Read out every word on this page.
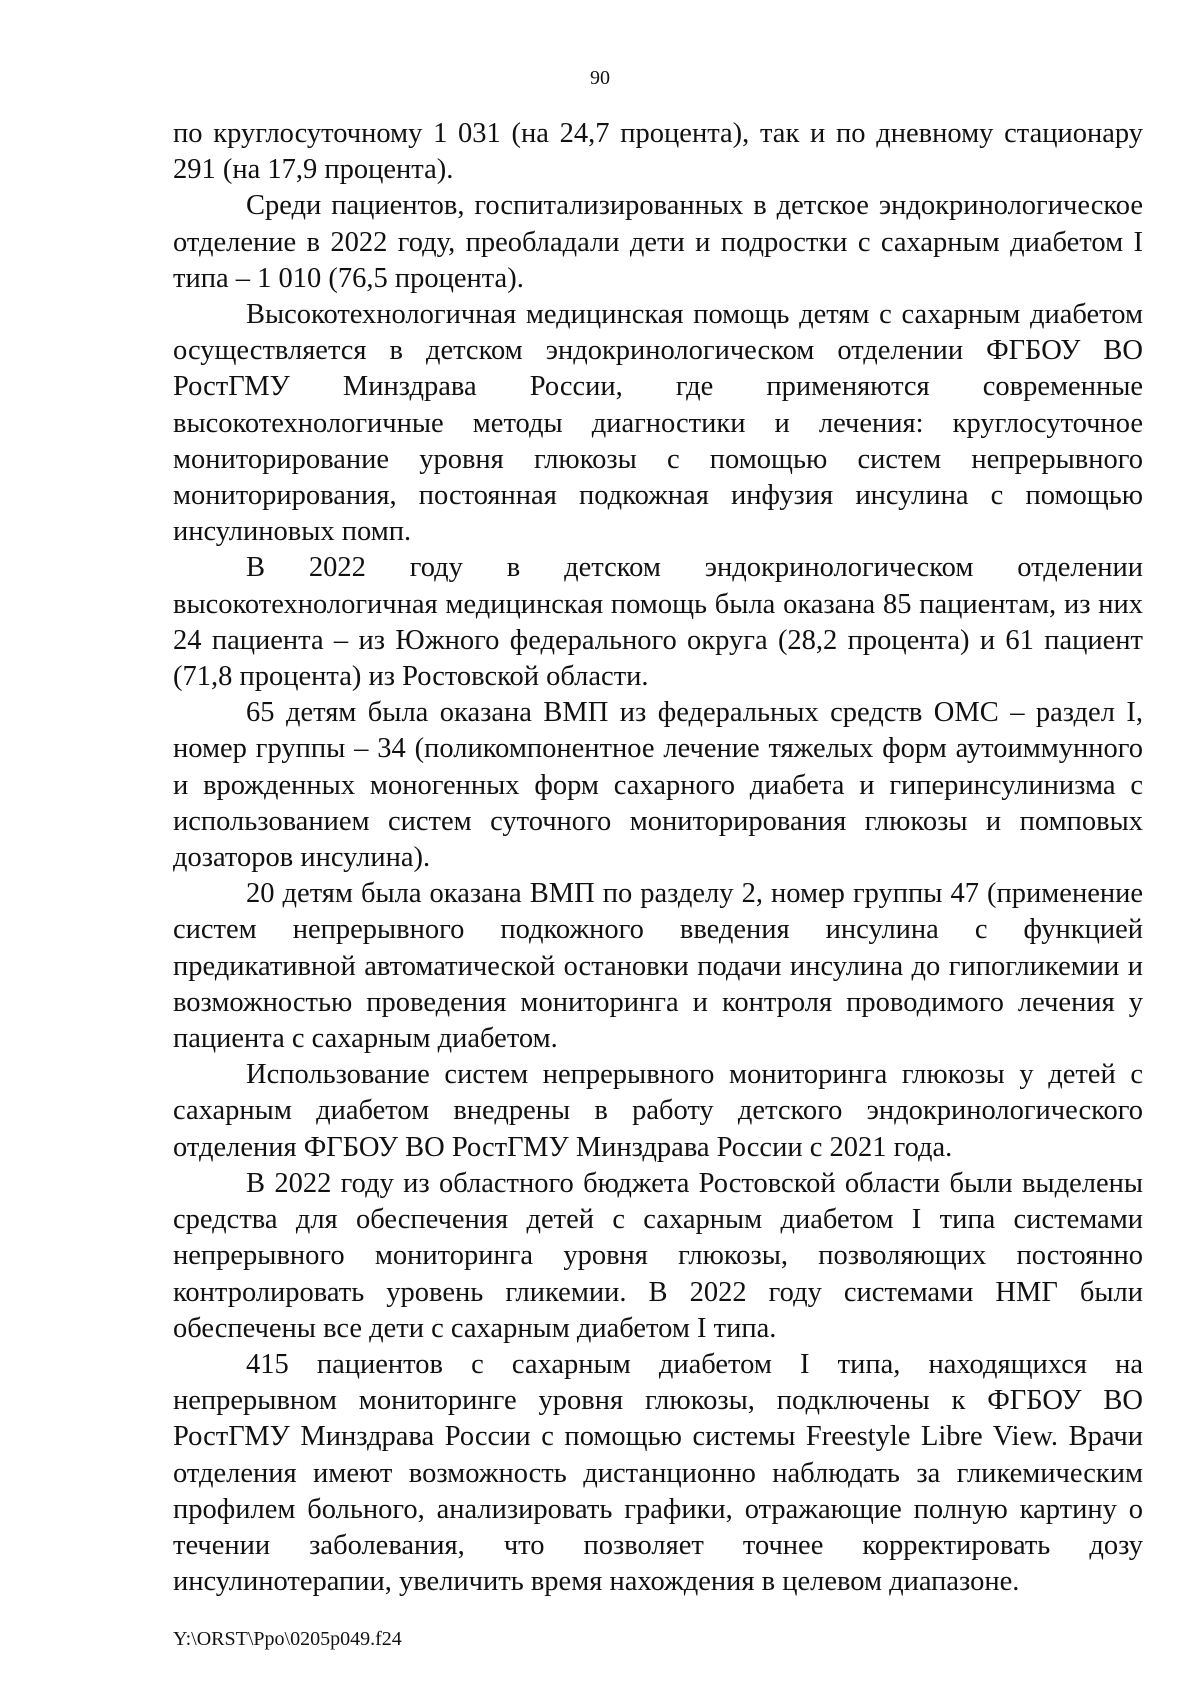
90

по круглосуточному 1 031 (на 24,7 процента), так и по дневному стационару 291 (на 17,9 процента).

Среди пациентов, госпитализированных в детское эндокринологическое отделение в 2022 году, преобладали дети и подростки с сахарным диабетом I типа – 1 010 (76,5 процента).

Высокотехнологичная медицинская помощь детям с сахарным диабетом осуществляется в детском эндокринологическом отделении ФГБОУ ВО РостГМУ Минздрава России, где применяются современные высокотехнологичные методы диагностики и лечения: круглосуточное мониторирование уровня глюкозы с помощью систем непрерывного мониторирования, постоянная подкожная инфузия инсулина с помощью инсулиновых помп.

В 2022 году в детском эндокринологическом отделении высокотехнологичная медицинская помощь была оказана 85 пациентам, из них 24 пациента – из Южного федерального округа (28,2 процента) и 61 пациент (71,8 процента) из Ростовской области.

65 детям была оказана ВМП из федеральных средств ОМС – раздел I, номер группы – 34 (поликомпонентное лечение тяжелых форм аутоиммунного и врожденных моногенных форм сахарного диабета и гиперинсулинизма с использованием систем суточного мониторирования глюкозы и помповых дозаторов инсулина).

20 детям была оказана ВМП по разделу 2, номер группы 47 (применение систем непрерывного подкожного введения инсулина с функцией предикативной автоматической остановки подачи инсулина до гипогликемии и возможностью проведения мониторинга и контроля проводимого лечения у пациента с сахарным диабетом.

Использование систем непрерывного мониторинга глюкозы у детей с сахарным диабетом внедрены в работу детского эндокринологического отделения ФГБОУ ВО РостГМУ Минздрава России с 2021 года.

В 2022 году из областного бюджета Ростовской области были выделены средства для обеспечения детей с сахарным диабетом I типа системами непрерывного мониторинга уровня глюкозы, позволяющих постоянно контролировать уровень гликемии. В 2022 году системами НМГ были обеспечены все дети с сахарным диабетом I типа.

415 пациентов с сахарным диабетом I типа, находящихся на непрерывном мониторинге уровня глюкозы, подключены к ФГБОУ ВО РостГМУ Минздрава России с помощью системы Freestyle Libre View. Врачи отделения имеют возможность дистанционно наблюдать за гликемическим профилем больного, анализировать графики, отражающие полную картину о течении заболевания, что позволяет точнее корректировать дозу инсулинотерапии, увеличить время нахождения в целевом диапазоне.

Y:\ORST\Ppo\0205p049.f24
